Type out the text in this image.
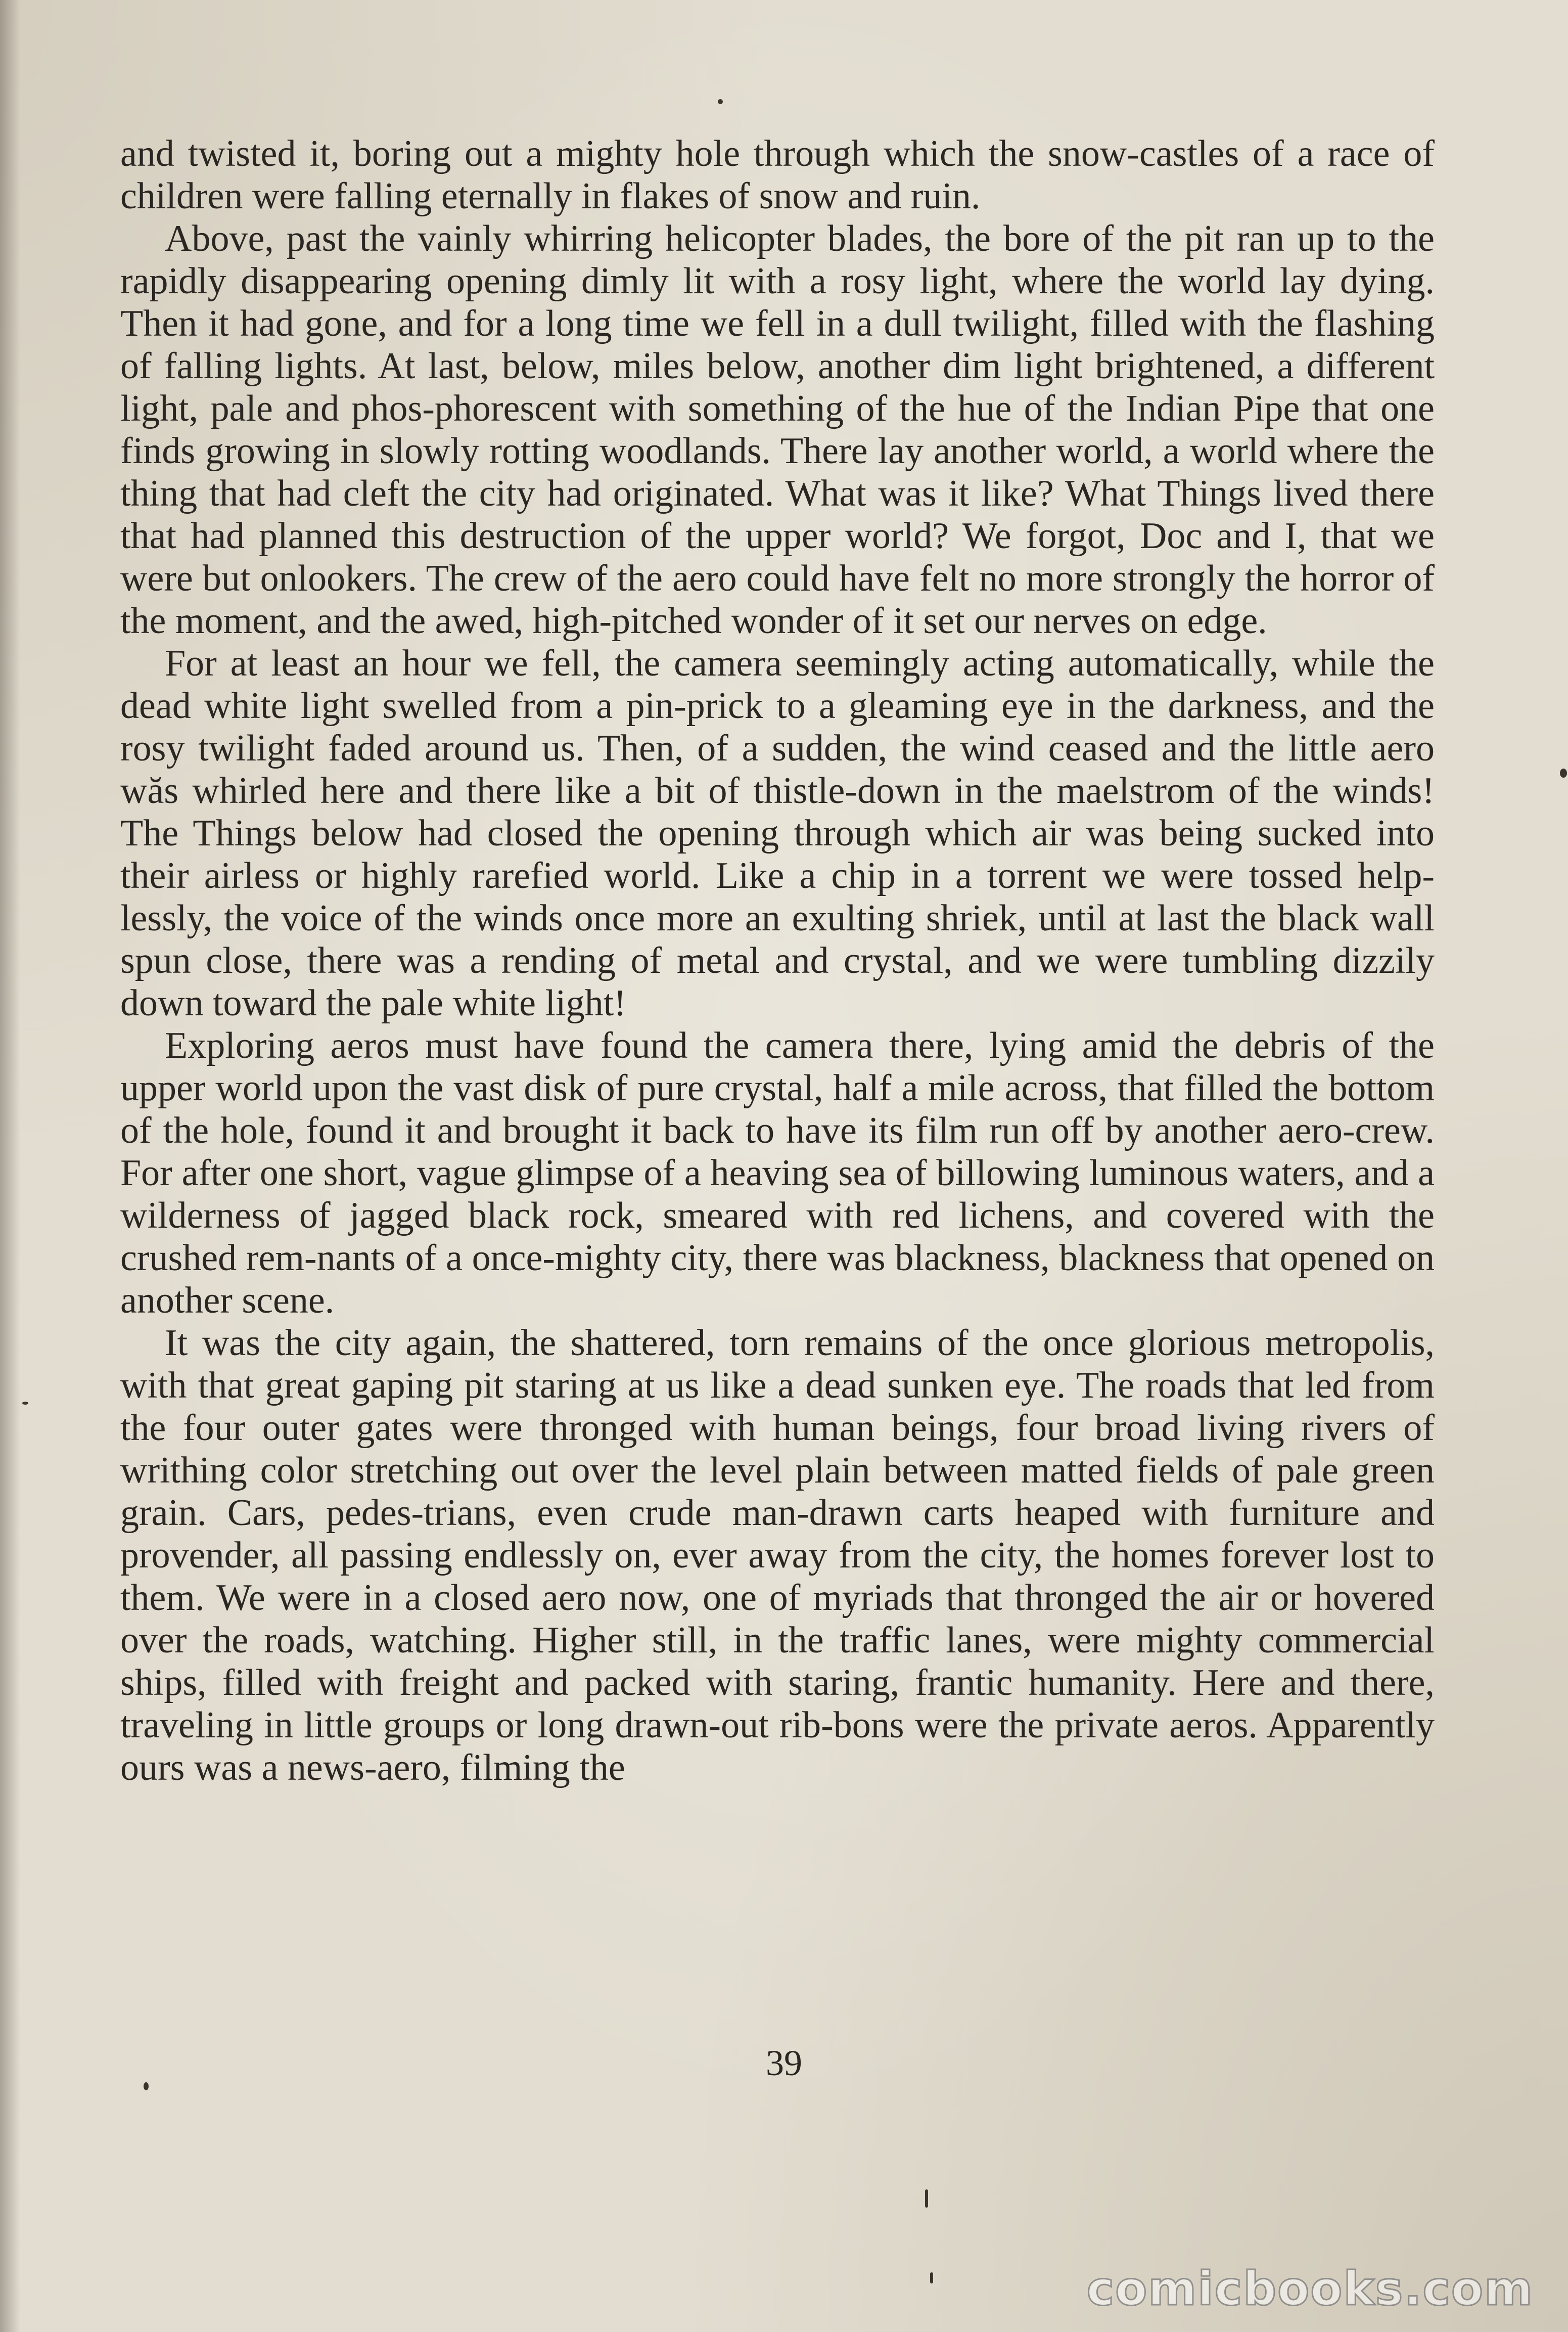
and twisted it, boring out a mighty hole through which the snow-castles of a race of children were falling eternally in flakes of snow and ruin.

Above, past the vainly whirring helicopter blades, the bore of the pit ran up to the rapidly disappearing opening dimly lit with a rosy light, where the world lay dying. Then it had gone, and for a long time we fell in a dull twilight, filled with the flashing of falling lights. At last, below, miles below, another dim light brightened, a different light, pale and phos-phorescent with something of the hue of the Indian Pipe that one finds growing in slowly rotting woodlands. There lay another world, a world where the thing that had cleft the city had originated. What was it like? What Things lived there that had planned this destruction of the upper world? We forgot, Doc and I, that we were but onlookers. The crew of the aero could have felt no more strongly the horror of the moment, and the awed, high-pitched wonder of it set our nerves on edge.

For at least an hour we fell, the camera seemingly acting automatically, while the dead white light swelled from a pin-prick to a gleaming eye in the darkness, and the rosy twilight faded around us. Then, of a sudden, the wind ceased and the little aero wăs whirled here and there like a bit of thistle-down in the maelstrom of the winds! The Things below had closed the opening through which air was being sucked into their airless or highly rarefied world. Like a chip in a torrent we were tossed help-lessly, the voice of the winds once more an exulting shriek, until at last the black wall spun close, there was a rending of metal and crystal, and we were tumbling dizzily down toward the pale white light!

Exploring aeros must have found the camera there, lying amid the debris of the upper world upon the vast disk of pure crystal, half a mile across, that filled the bottom of the hole, found it and brought it back to have its film run off by another aero-crew. For after one short, vague glimpse of a heaving sea of billowing luminous waters, and a wilderness of jagged black rock, smeared with red lichens, and covered with the crushed rem-nants of a once-mighty city, there was blackness, blackness that opened on another scene.

It was the city again, the shattered, torn remains of the once glorious metropolis, with that great gaping pit staring at us like a dead sunken eye. The roads that led from the four outer gates were thronged with human beings, four broad living rivers of writhing color stretching out over the level plain between matted fields of pale green grain. Cars, pedes-trians, even crude man-drawn carts heaped with furniture and provender, all passing endlessly on, ever away from the city, the homes forever lost to them. We were in a closed aero now, one of myriads that thronged the air or hovered over the roads, watching. Higher still, in the traffic lanes, were mighty commercial ships, filled with freight and packed with staring, frantic humanity. Here and there, traveling in little groups or long drawn-out rib-bons were the private aeros. Apparently ours was a news-aero, filming the

39
comicbooks.com
